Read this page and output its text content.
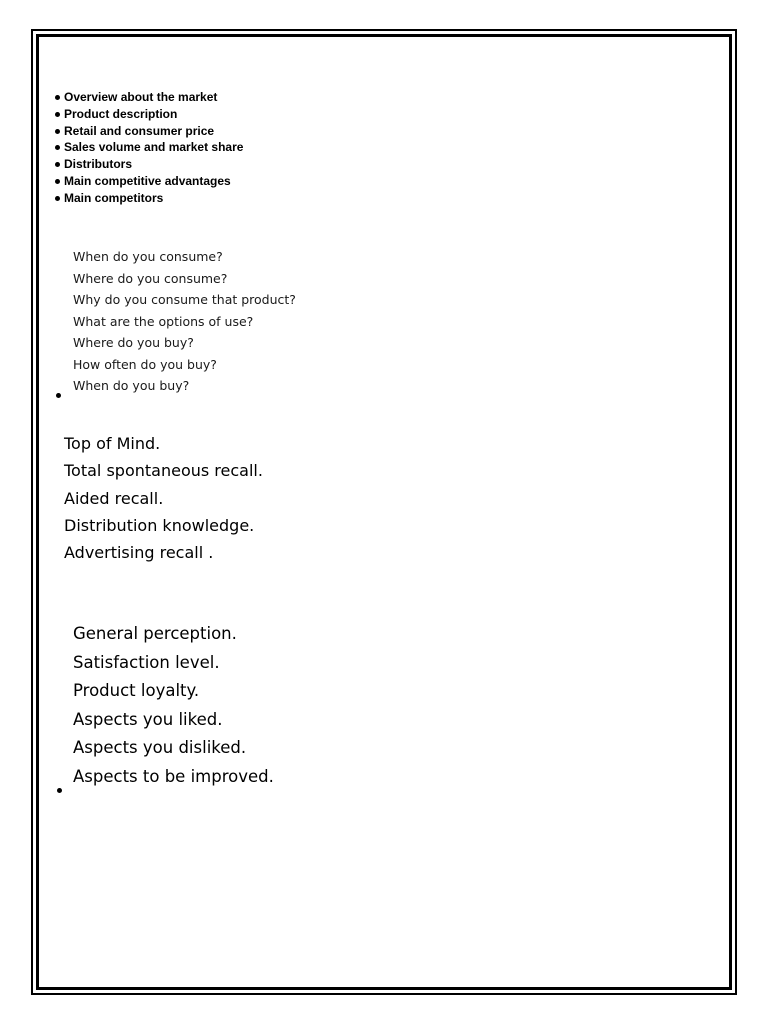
Overview about the market
Product description
Retail and consumer price
Sales volume and market share
Distributors
Main competitive advantages
Main competitors
When do you consume?
Where do you consume?
Why do you consume that product?
What are the options of use?
Where do you buy?
How often do you buy?
When do you buy?
Top of Mind.
Total spontaneous recall.
Aided recall.
Distribution knowledge.
Advertising recall .
General perception.
Satisfaction level.
Product loyalty.
Aspects you liked.
Aspects you disliked.
Aspects to be improved.
